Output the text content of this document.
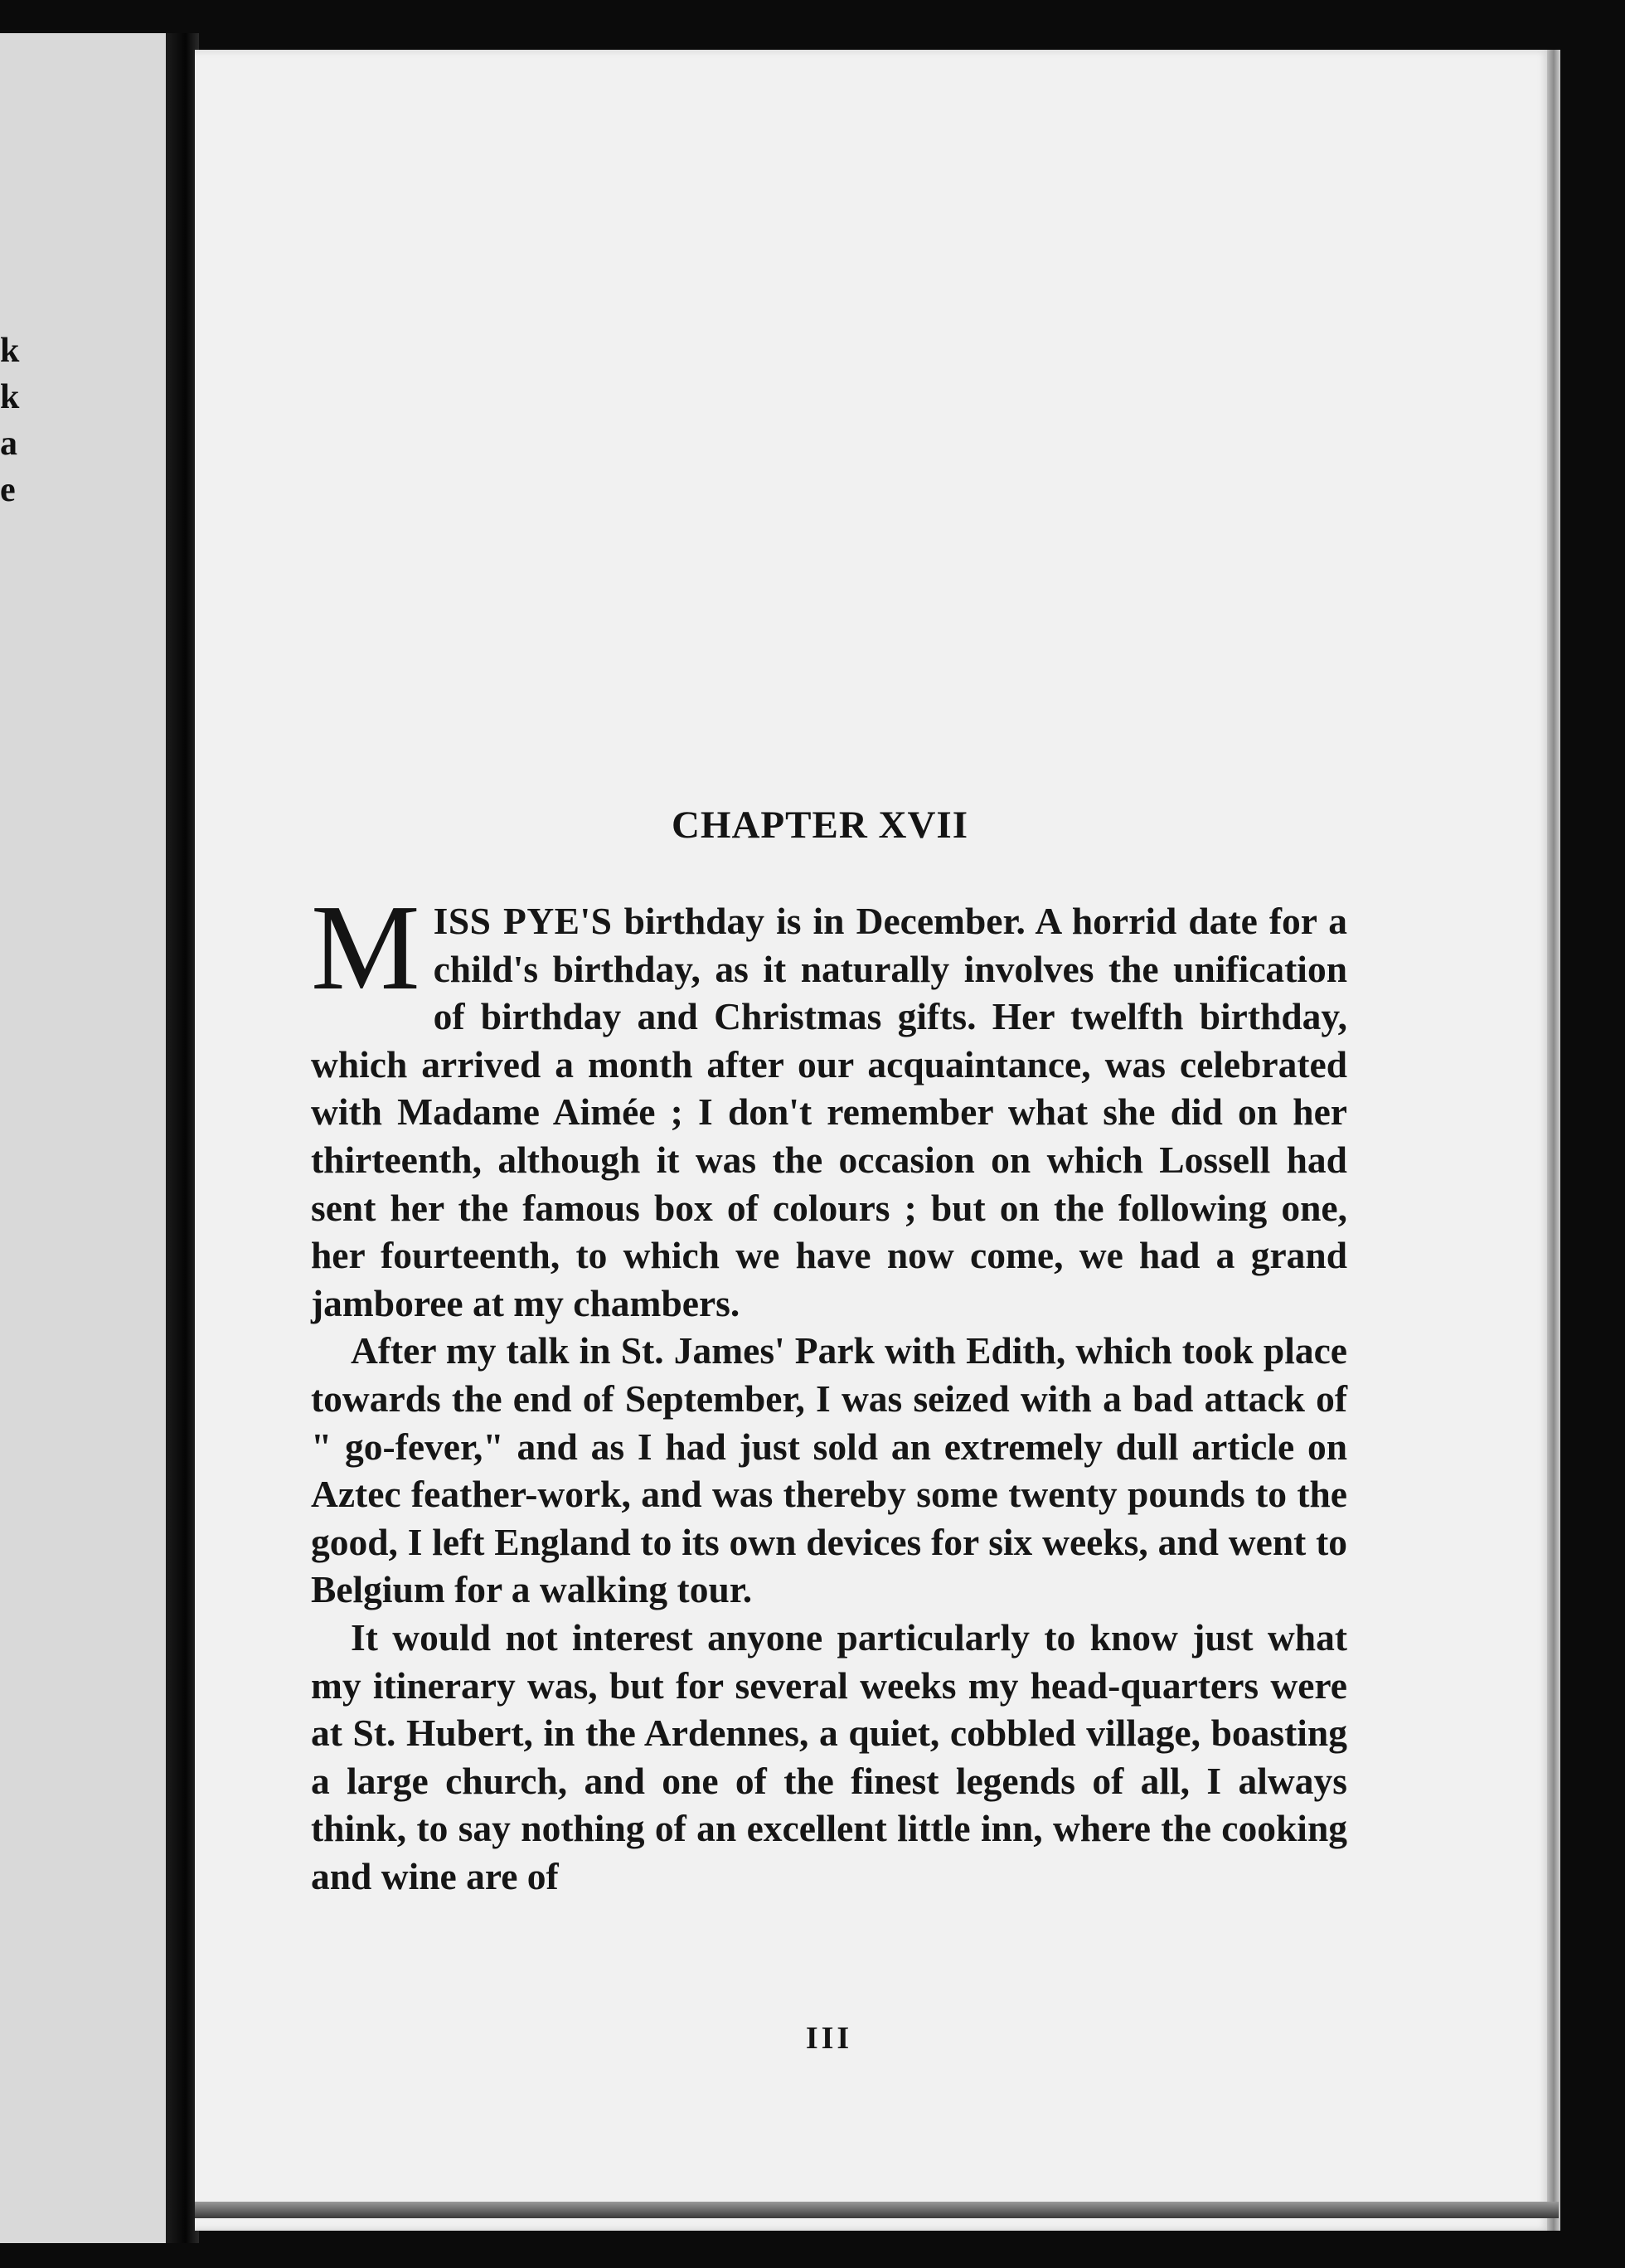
k
k
a
e
CHAPTER XVII

MISS PYE'S birthday is in December. A horrid date for a child's birthday, as it naturally involves the unification of birthday and Christmas gifts. Her twelfth birthday, which arrived a month after our acquaintance, was celebrated with Madame Aimée ; I don't remember what she did on her thirteenth, although it was the occasion on which Lossell had sent her the famous box of colours ; but on the following one, her fourteenth, to which we have now come, we had a grand jamboree at my chambers.

After my talk in St. James' Park with Edith, which took place towards the end of September, I was seized with a bad attack of " go-fever," and as I had just sold an extremely dull article on Aztec feather-work, and was thereby some twenty pounds to the good, I left England to its own devices for six weeks, and went to Belgium for a walking tour.

It would not interest anyone particularly to know just what my itinerary was, but for several weeks my head-quarters were at St. Hubert, in the Ardennes, a quiet, cobbled village, boasting a large church, and one of the finest legends of all, I always think, to say nothing of an excellent little inn, where the cooking and wine are of

III
